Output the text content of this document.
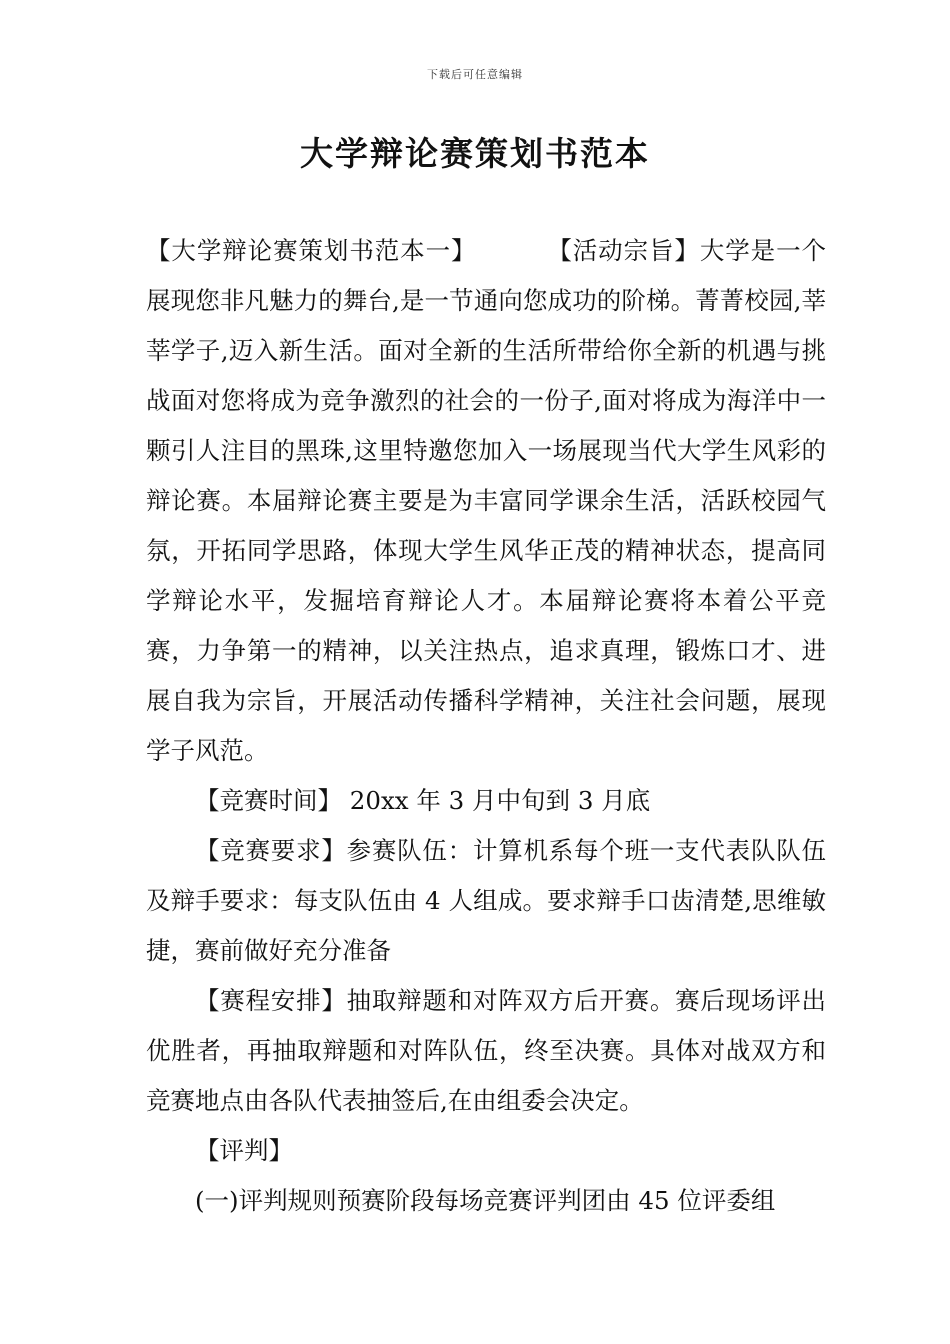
下载后可任意编辑
大学辩论赛策划书范本

【大学辩论赛策划书范本一】	【活动宗旨】大学是一个展现您非凡魅力的舞台,是一节通向您成功的阶梯。菁菁校园,莘莘学子,迈入新生活。面对全新的生活所带给你全新的机遇与挑战面对您将成为竞争激烈的社会的一份子,面对将成为海洋中一颗引人注目的黑珠,这里特邀您加入一场展现当代大学生风彩的辩论赛。本届辩论赛主要是为丰富同学课余生活，活跃校园气氛，开拓同学思路，体现大学生风华正茂的精神状态，提高同学辩论水平，发掘培育辩论人才。本届辩论赛将本着公平竞赛，力争第一的精神，以关注热点，追求真理，锻炼口才、进展自我为宗旨，开展活动传播科学精神，关注社会问题，展现学子风范。

【竞赛时间】 20xx 年 3 月中旬到 3 月底

【竞赛要求】参赛队伍：计算机系每个班一支代表队队伍及辩手要求：每支队伍由 4 人组成。要求辩手口齿清楚,思维敏捷，赛前做好充分准备

【赛程安排】抽取辩题和对阵双方后开赛。赛后现场评出优胜者，再抽取辩题和对阵队伍，终至决赛。具体对战双方和竞赛地点由各队代表抽签后,在由组委会决定。

【评判】

(一)评判规则预赛阶段每场竞赛评判团由 45 位评委组
